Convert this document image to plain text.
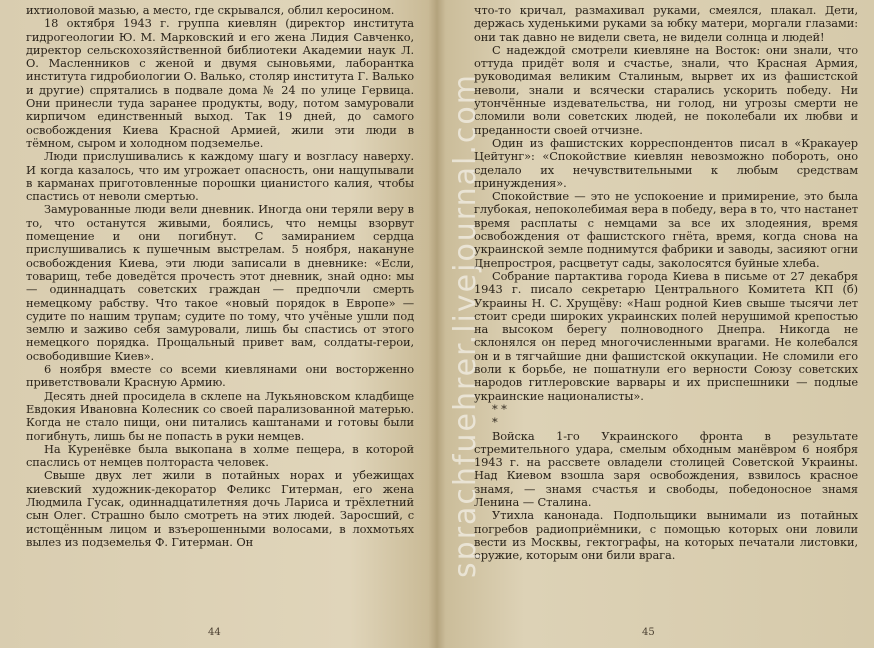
ихтиоловой мазью, а место, где скрывался, облил керосином.

18 октября 1943 г. группа киевлян (директор института гидрогеологии Ю. М. Марковский и его жена Лидия Савченко, директор сельскохозяйственной библиотеки Академии наук Л. О. Масленников с женой и двумя сыновьями, лаборантка института гидробиологии О. Валько, столяр института Г. Валько и другие) спрятались в подвале дома № 24 по улице Гервица. Они принесли туда заранее продукты, воду, потом замуровали кирпичом единственный выход. Так 19 дней, до самого освобождения Киева Красной Армией, жили эти люди в тёмном, сыром и холодном подземелье.

Люди прислушивались к каждому шагу и возгласу наверху. И когда казалось, что им угрожает опасность, они нащупывали в карманах приготовленные порошки цианистого калия, чтобы спастись от неволи смертью.

Замурованные люди вели дневник. Иногда они теряли веру в то, что останутся живыми, боялись, что немцы взорвут помещение и они погибнут. С замиранием сердца прислушивались к пушечным выстрелам. 5 ноября, накануне освобождения Киева, эти люди записали в дневнике: «Если, товарищ, тебе доведётся прочесть этот дневник, знай одно: мы — одиннадцать советских граждан — предпочли смерть немецкому рабству. Что такое «новый порядок в Европе» — судите по нашим трупам; судите по тому, что учёные ушли под землю и заживо себя замуровали, лишь бы спастись от этого немецкого порядка. Прощальный привет вам, солдаты-герои, освободившие Киев».

6 ноября вместе со всеми киевлянами они восторженно приветствовали Красную Армию.

Десять дней просидела в склепе на Лукьяновском кладбище Евдокия Ивановна Колесник со своей парализованной матерью. Когда не стало пищи, они питались каштанами и готовы были погибнуть, лишь бы не попасть в руки немцев.

На Куренёвке была выкопана в холме пещера, в которой спаслись от немцев полтораста человек.

Свыше двух лет жили в потайных норах и убежищах киевский художник-декоратор Феликс Гитерман, его жена Людмила Гусак, одиннадцатилетняя дочь Лариса и трёхлетний сын Олег. Страшно было смотреть на этих людей. Заросший, с истощённым лицом и взъерошенными волосами, в лохмотьях вылез из подземелья Ф. Гитерман. Он

44

что-то кричал, размахивал руками, смеялся, плакал. Дети, держась худенькими руками за юбку матери, моргали глазами: они так давно не видели света, не видели солнца и людей!

С надеждой смотрели киевляне на Восток: они знали, что оттуда придёт воля и счастье, знали, что Красная Армия, руководимая великим Сталиным, вырвет их из фашистской неволи, знали и всячески старались ускорить победу. Ни утончённые издевательства, ни голод, ни угрозы смерти не сломили воли советских людей, не поколебали их любви и преданности своей отчизне.

Один из фашистских корреспондентов писал в «Кракауер Цейтунг»: «Спокойствие киевлян невозможно побороть, оно сделало их нечувствительными к любым средствам принуждения».

Спокойствие — это не успокоение и примирение, это была глубокая, непоколебимая вера в победу, вера в то, что настанет время расплаты с немцами за все их злодеяния, время освобождения от фашистского гнёта, время, когда снова на украинской земле поднимутся фабрики и заводы, засияют огни Днепростроя, расцветут сады, заколосятся буйные хлеба.

Собрание партактива города Киева в письме от 27 декабря 1943 г. писало секретарю Центрального Комитета КП (б) Украины Н. С. Хрущёву: «Наш родной Киев свыше тысячи лет стоит среди широких украинских полей нерушимой крепостью на высоком берегу полноводного Днепра. Никогда не склонялся он перед многочисленными врагами. Не колебался он и в тягчайшие дни фашистской оккупации. Не сломили его воли к борьбе, не пошатнули его верности Союзу советских народов гитлеровские варвары и их приспешники — подлые украинские националисты».

* *

*

Войска 1-го Украинского фронта в результате стремительного удара, смелым обходным манёвром 6 ноября 1943 г. на рассвете овладели столицей Советской Украины. Над Киевом взошла заря освобождения, взвилось красное знамя, — знамя счастья и свободы, победоносное знамя Ленина — Сталина.

Утихла канонада. Подпольщики вынимали из потайных погребов радиоприёмники, с помощью которых они ловили вести из Москвы, гектографы, на которых печатали листовки, оружие, которым они били врага.

45
sprachfuehrer.livejournal.com
